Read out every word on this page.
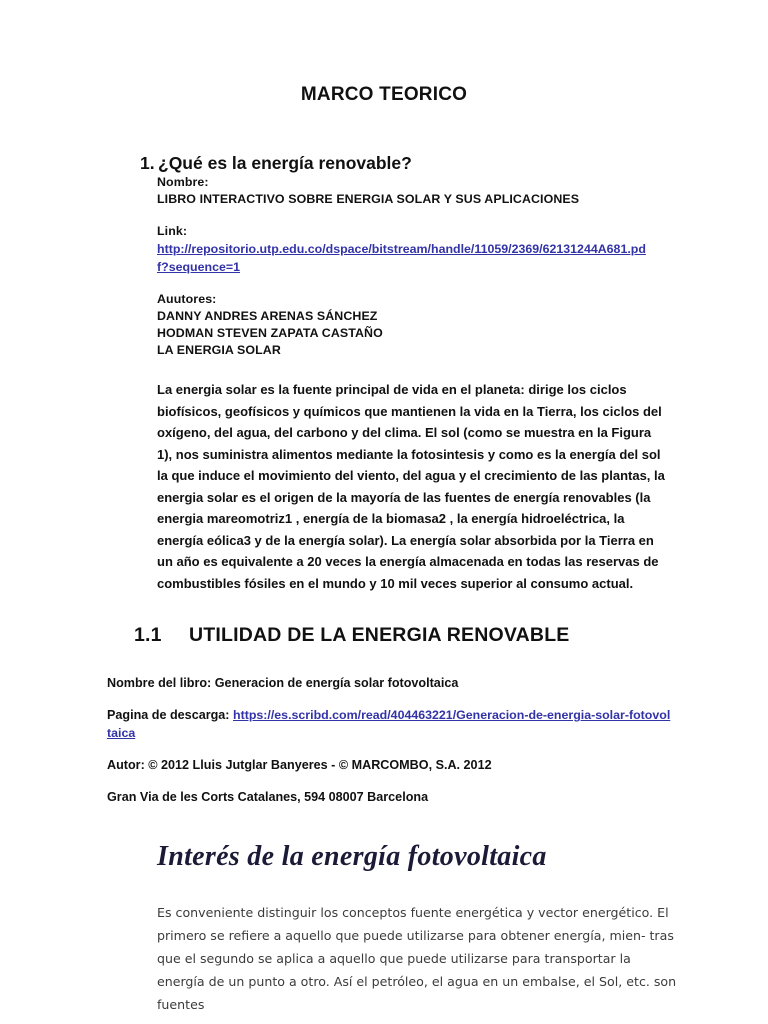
MARCO TEORICO
1. ¿Qué es la energía renovable?

Nombre:

LIBRO INTERACTIVO SOBRE ENERGIA SOLAR Y SUS APLICACIONES

Link:

http://repositorio.utp.edu.co/dspace/bitstream/handle/11059/2369/62131244A681.pdf?sequence=1

Auutores:

DANNY ANDRES ARENAS SÁNCHEZ

HODMAN STEVEN ZAPATA CASTAÑO

LA ENERGIA SOLAR

La energia solar es la fuente principal de vida en el planeta: dirige los ciclos biofísicos, geofísicos y químicos que mantienen la vida en la Tierra, los ciclos del oxígeno, del agua, del carbono y del clima. El sol (como se muestra en la Figura 1), nos suministra alimentos mediante la fotosintesis y como es la energía del sol la que induce el movimiento del viento, del agua y el crecimiento de las plantas, la energia solar es el origen de la mayoría de las fuentes de energía renovables (la energia mareomotriz1 , energía de la biomasa2 , la energía hidroeléctrica, la energía eólica3 y de la energía solar). La energía solar absorbida por la Tierra en un año es equivalente a 20 veces la energía almacenada en todas las reservas de combustibles fósiles en el mundo y 10 mil veces superior al consumo actual.

1.1	UTILIDAD DE LA ENERGIA RENOVABLE

Nombre del libro: Generacion de energía solar fotovoltaica

Pagina de descarga: https://es.scribd.com/read/404463221/Generacion-de-energia-solar-fotovoltaica

Autor: © 2012 Lluis Jutglar Banyeres - © MARCOMBO, S.A. 2012

Gran Via de les Corts Catalanes, 594 08007 Barcelona

Interés de la energía fotovoltaica

Es conveniente distinguir los conceptos fuente energética y vector energético. El primero se refiere a aquello que puede utilizarse para obtener energía, mien- tras que el segundo se aplica a aquello que puede utilizarse para transportar la energía de un punto a otro. Así el petróleo, el agua en un embalse, el Sol, etc. son fuentes
